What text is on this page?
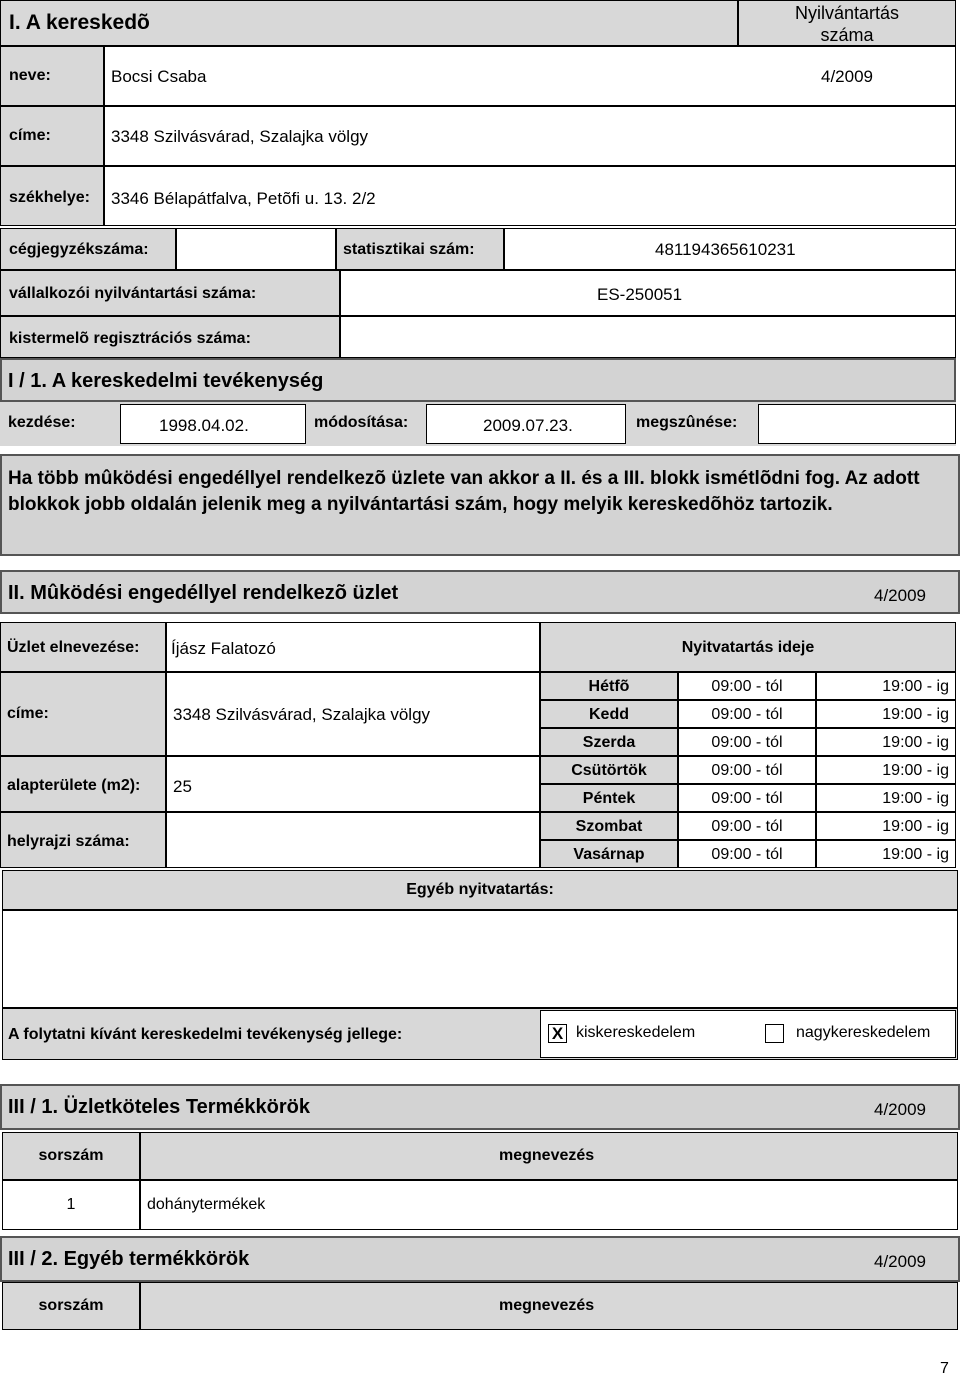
I. A kereskedõ	Nyilvántartás
száma
neve:	Bocsi Csaba	4/2009
címe:	3348 Szilvásvárad, Szalajka völgy
székhelye: 3346 Bélapátfalva, Petõfi u. 13. 2/2
cégjegyzékszáma:	statisztikai szám:	481194365610231
vállalkozói nyilvántartási száma:	ES-250051
kistermelõ regisztrációs száma:
I / 1. A kereskedelmi tevékenység
kezdése:	1998.04.02.	módosítása:	2009.07.23.	megszûnése:
Ha több mûködési engedéllyel rendelkezõ üzlete van akkor a II. és a III. blokk ismétlõdni fog. Az adott blokkok jobb oldalán jelenik meg a nyilvántartási szám, hogy melyik kereskedõhöz tartozik.
II. Mûködési engedéllyel rendelkezõ üzlet	4/2009
Üzlet elnevezése: Íjász Falatozó
címe:	3348 Szilvásvárad, Szalajka völgy
alapterülete (m2): 25
helyrajzi száma:
Nyitvatartás ideje
Hétfõ	09:00 - tól	19:00 - ig
Kedd	09:00 - tól	19:00 - ig
Szerda	09:00 - tól	19:00 - ig
Csütörtök	09:00 - tól	19:00 - ig
Péntek	09:00 - tól	19:00 - ig
Szombat	09:00 - tól	19:00 - ig
Vasárnap	09:00 - tól	19:00 - ig
Egyéb nyitvatartás:
A folytatni kívánt kereskedelmi tevékenység jellege:	X kiskereskedelem	nagykereskedelem
III / 1. Üzletköteles Termékkörök	4/2009
sorszám	megnevezés
1	dohánytermékek
III / 2. Egyéb termékkörök	4/2009
sorszám	megnevezés
7
